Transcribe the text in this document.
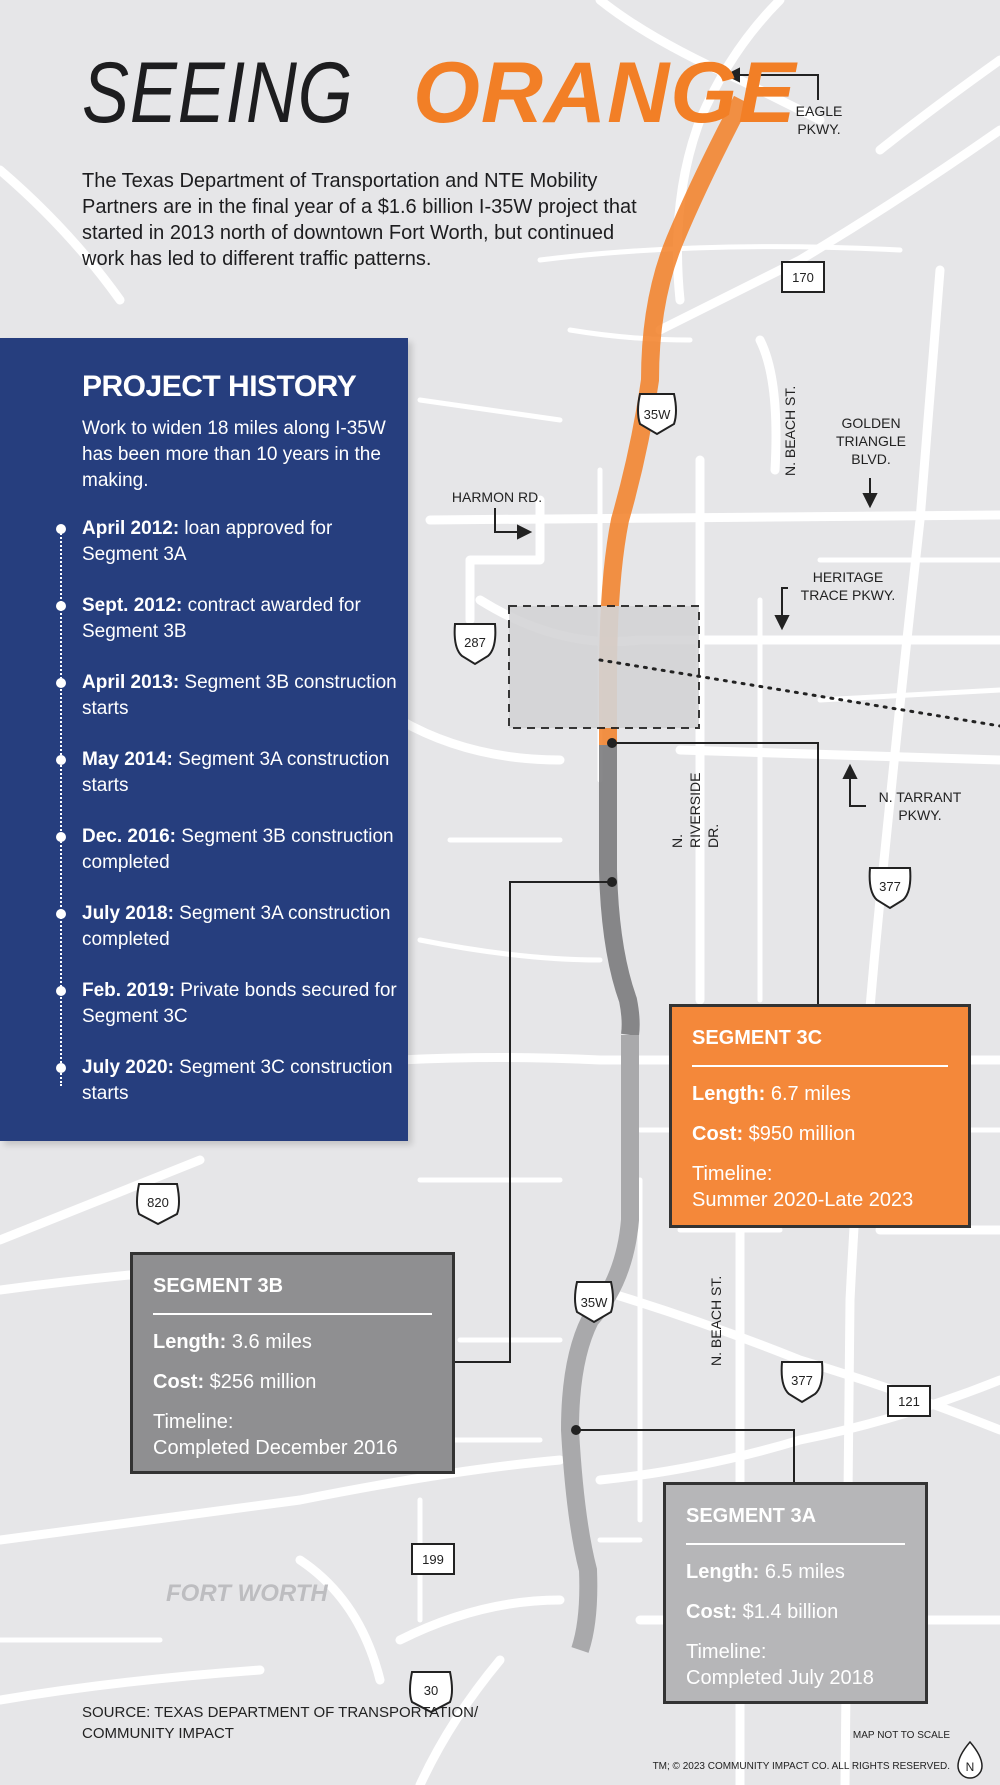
35W
35W
287
377
377
820
30
170
121
199
N
SEEING ORANGE
The Texas Department of Transportation and NTE Mobility Partners are in the final year of a $1.6 billion I-35W project that started in 2013 north of downtown Fort Worth, but continued work has led to different traffic patterns.
PROJECT HISTORY
Work to widen 18 miles along I-35W has been more than 10 years in the making.
April 2012: loan approved for Segment 3A
Sept. 2012: contract awarded for Segment 3B
April 2013: Segment 3B construction starts
May 2014: Segment 3A construction starts
Dec. 2016: Segment 3B construction completed
July 2018: Segment 3A construction completed
Feb. 2019: Private bonds secured for Segment 3C
July 2020: Segment 3C construction starts
SEGMENT 3C
Length: 6.7 miles
Cost: $950 million
Timeline:
Summer 2020-Late 2023
SEGMENT 3B
Length: 3.6 miles
Cost: $256 million
Timeline:
Completed December 2016
SEGMENT 3A
Length: 6.5 miles
Cost: $1.4 billion
Timeline:
Completed July 2018
EAGLE PKWY.
HARMON RD.
GOLDEN TRIANGLE BLVD.
HERITAGE TRACE PKWY.
N. TARRANT PKWY.
N. BEACH ST.
N. BEACH ST.
N. RIVERSIDE DR.
FORT WORTH
SOURCE: TEXAS DEPARTMENT OF TRANSPORTATION/ COMMUNITY IMPACT	MAP NOT TO SCALE
TM; © 2023 COMMUNITY IMPACT CO. ALL RIGHTS RESERVED.
